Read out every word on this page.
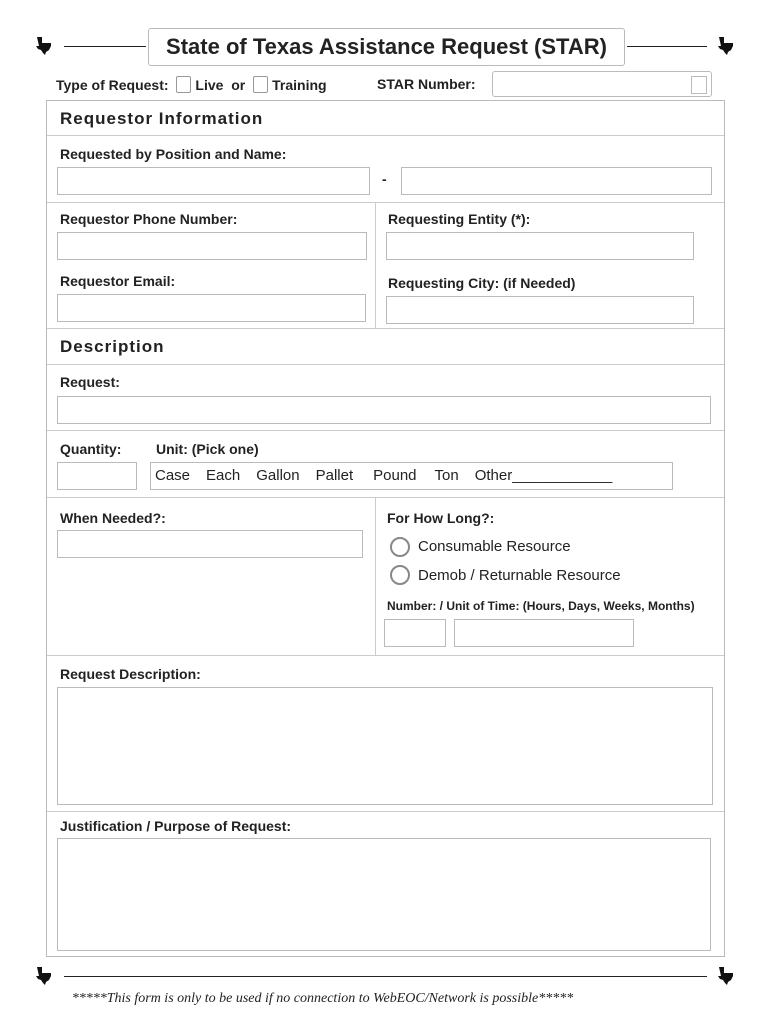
State of Texas Assistance Request (STAR)
Type of Request: Live or Training	STAR Number:
Requestor Information
Requested by Position and Name:
-
Requestor Phone Number:	Requesting Entity (*):
Requestor Email:	Requesting City: (if Needed)
Description
Request:
Quantity: Unit: (Pick one)
Case Each Gallon Pallet Pound Ton Other____________
When Needed?:	For How Long?:
Consumable Resource
Demob / Returnable Resource
Number: / Unit of Time: (Hours, Days, Weeks, Months)
Request Description:
Justification / Purpose of Request:
*****This form is only to be used if no connection to WebEOC/Network is possible*****
